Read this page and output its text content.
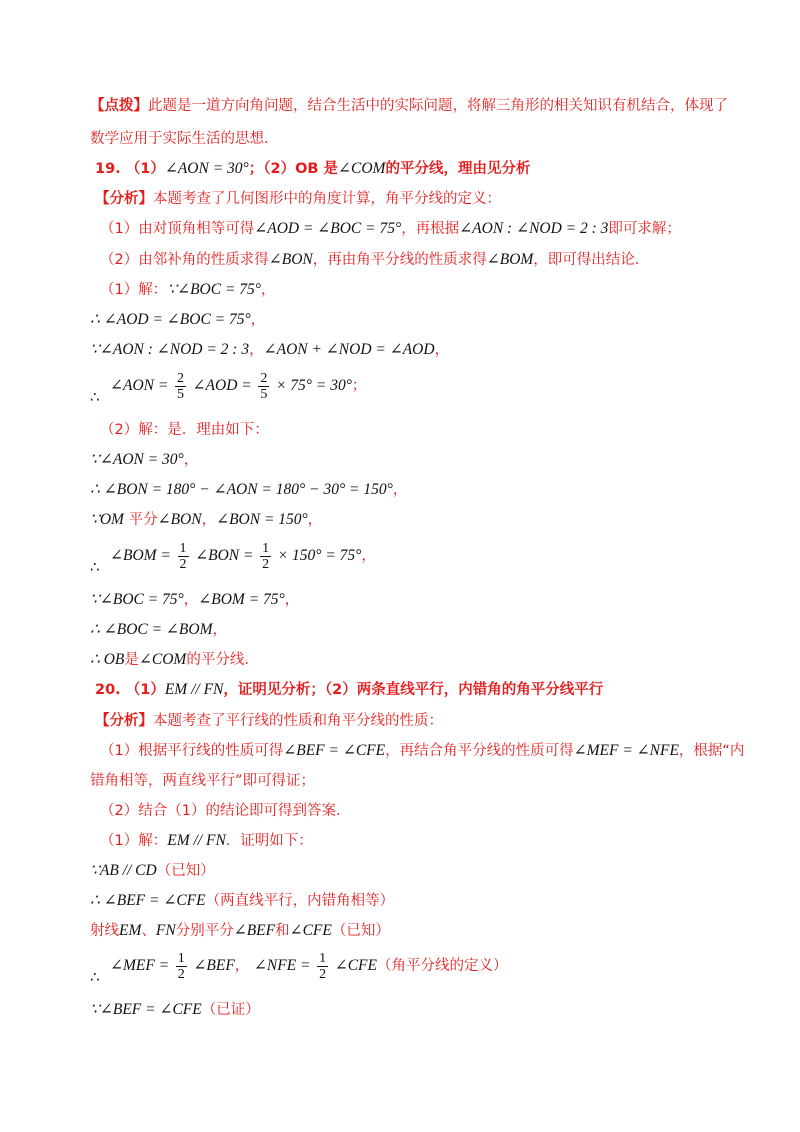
【点拨】此题是一道方向角问题，结合生活中的实际问题，将解三角形的相关知识有机结合，体现了
数学应用于实际生活的思想.
19. （1）∠AON = 30°；（2）OB 是∠COM的平分线，理由见分析
【分析】本题考查了几何图形中的角度计算，角平分线的定义：
（1）由对顶角相等可得∠AOD = ∠BOC = 75°，再根据∠AON : ∠NOD = 2 : 3即可求解；
（2）由邻补角的性质求得∠BON，再由角平分线的性质求得∠BOM，即可得出结论.
（1）解：∵∠BOC = 75°，
∴ ∠AOD = ∠BOC = 75°，
∵∠AON : ∠NOD = 2 : 3，∠AON + ∠NOD = ∠AOD，
∠AON = $\frac{2}{5}$ ∠AOD = $\frac{2}{5} \times 75^\circ = 30^\circ$；
∴
（2）解：是．理由如下：
∵∠AON = 30°，
∴ ∠BON = 180° − ∠AON = 180° − 30° = 150°，
∵OM 平分∠BON，∠BON = 150°，
∠BOM = $\frac{1}{2}$ ∠BON = $\frac{1}{2} \times 150^\circ = 75^\circ$，
∴
∵∠BOC = 75°，∠BOM = 75°，
∴ ∠BOC = ∠BOM，
∴ OB是∠COM的平分线.
20. （1）EM // FN，证明见分析；（2）两条直线平行，内错角的角平分线平行
【分析】本题考查了平行线的性质和角平分线的性质：
（1）根据平行线的性质可得∠BEF = ∠CFE，再结合角平分线的性质可得∠MEF = ∠NFE，根据“内
错角相等，两直线平行”即可得证；
（2）结合（1）的结论即可得到答案.
（1）解：EM // FN．证明如下：
∵AB // CD（已知）
∴ ∠BEF = ∠CFE（两直线平行，内错角相等）
射线EM、FN分别平分∠BEF和∠CFE（已知）
∠MEF = $\frac{1}{2}$ ∠BEF， ∠NFE = $\frac{1}{2}$ ∠CFE（角平分线的定义）
∴
∵∠BEF = ∠CFE（已证）
